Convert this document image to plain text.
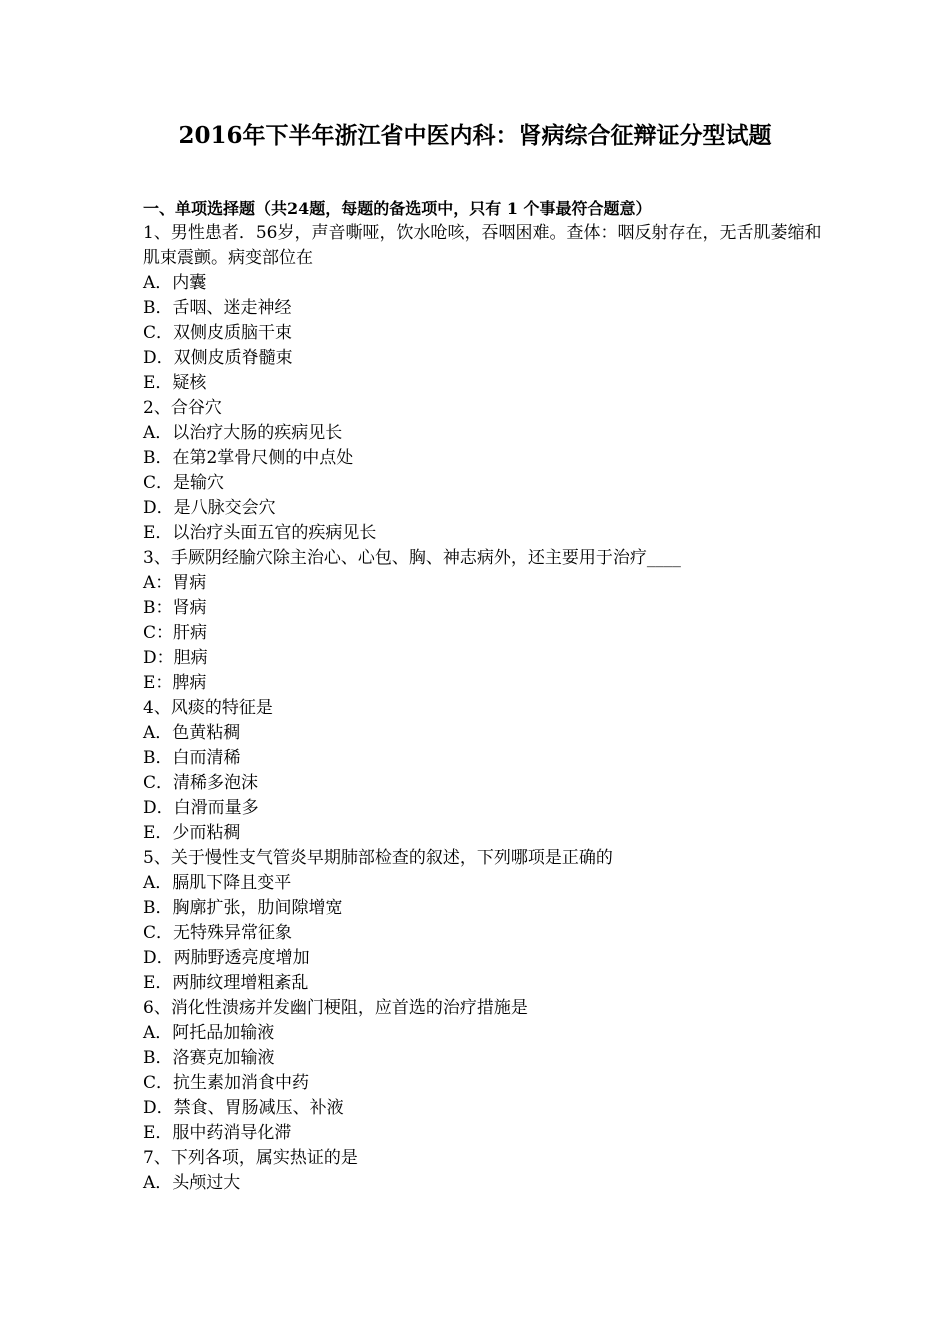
2016年下半年浙江省中医内科：肾病综合征辩证分型试题
一、单项选择题（共24题，每题的备选项中，只有 1 个事最符合题意）
1、男性患者．56岁，声音嘶哑，饮水呛咳，吞咽困难。查体：咽反射存在，无舌肌萎缩和肌束震颤。病变部位在
A．内囊
B．舌咽、迷走神经
C．双侧皮质脑干束
D．双侧皮质脊髓束
E．疑核
2、合谷穴
A．以治疗大肠的疾病见长
B．在第2掌骨尺侧的中点处
C．是输穴
D．是八脉交会穴
E．以治疗头面五官的疾病见长
3、手厥阴经腧穴除主治心、心包、胸、神志病外，还主要用于治疗____
A：胃病
B：肾病
C：肝病
D：胆病
E：脾病
4、风痰的特征是
A．色黄粘稠
B．白而清稀
C．清稀多泡沫
D．白滑而量多
E．少而粘稠
5、关于慢性支气管炎早期肺部检查的叙述，下列哪项是正确的
A．膈肌下降且变平
B．胸廓扩张，肋间隙增宽
C．无特殊异常征象
D．两肺野透亮度增加
E．两肺纹理增粗紊乱
6、消化性溃疡并发幽门梗阻，应首选的治疗措施是
A．阿托品加输液
B．洛赛克加输液
C．抗生素加消食中药
D．禁食、胃肠减压、补液
E．服中药消导化滞
7、下列各项，属实热证的是
A．头颅过大
